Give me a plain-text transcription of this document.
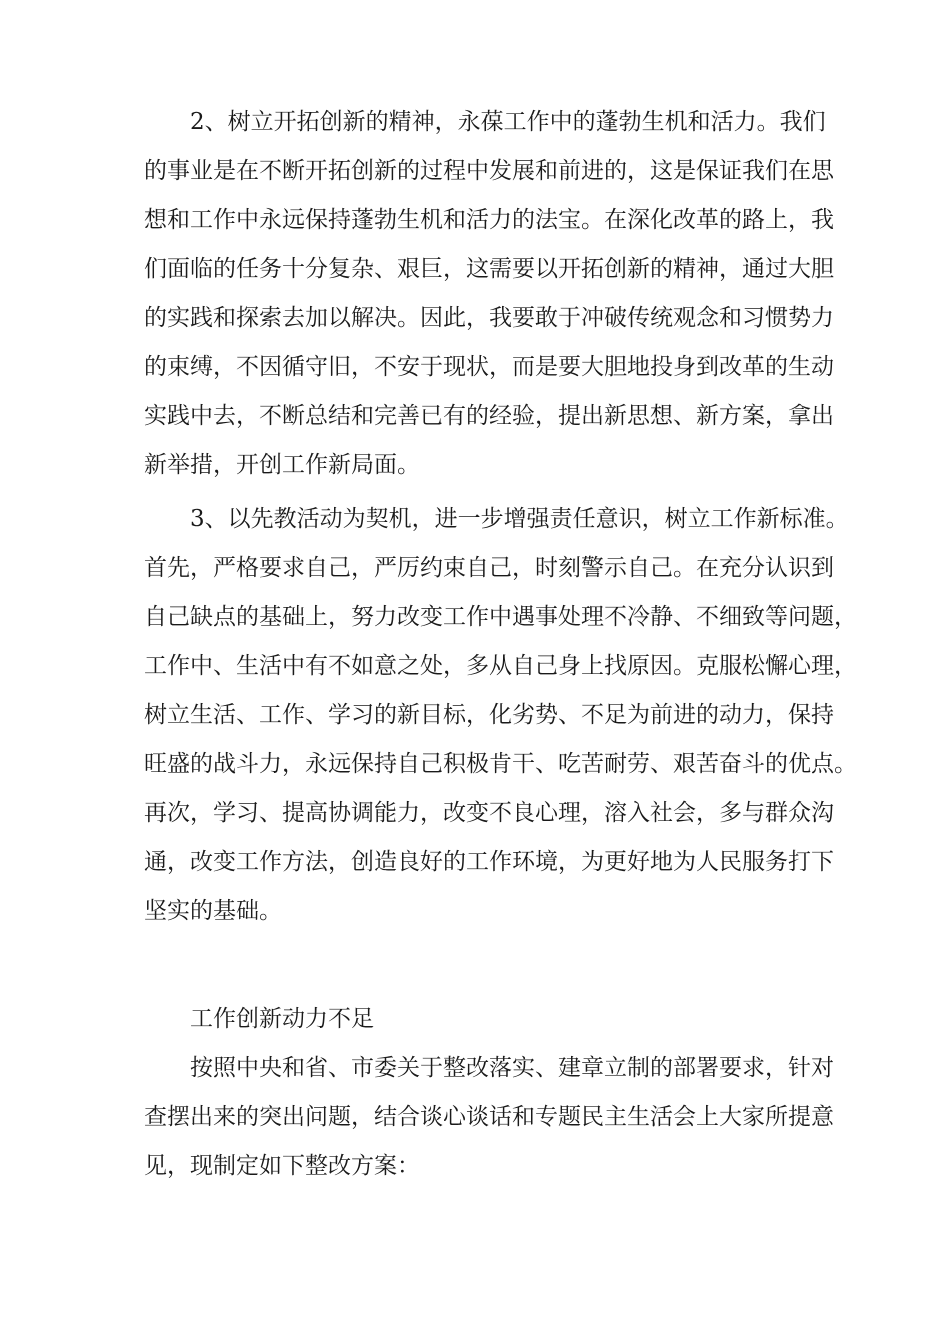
2、树立开拓创新的精神，永葆工作中的蓬勃生机和活力。我们
的事业是在不断开拓创新的过程中发展和前进的，这是保证我们在思
想和工作中永远保持蓬勃生机和活力的法宝。在深化改革的路上，我
们面临的任务十分复杂、艰巨，这需要以开拓创新的精神，通过大胆
的实践和探索去加以解决。因此，我要敢于冲破传统观念和习惯势力
的束缚，不因循守旧，不安于现状，而是要大胆地投身到改革的生动
实践中去，不断总结和完善已有的经验，提出新思想、新方案，拿出
新举措，开创工作新局面。
3、以先教活动为契机，进一步增强责任意识，树立工作新标准。
首先，严格要求自己，严厉约束自己，时刻警示自己。在充分认识到
自己缺点的基础上，努力改变工作中遇事处理不冷静、不细致等问题，
工作中、生活中有不如意之处，多从自己身上找原因。克服松懈心理，
树立生活、工作、学习的新目标，化劣势、不足为前进的动力，保持
旺盛的战斗力，永远保持自己积极肯干、吃苦耐劳、艰苦奋斗的优点。
再次，学习、提高协调能力，改变不良心理，溶入社会，多与群众沟
通，改变工作方法，创造良好的工作环境，为更好地为人民服务打下
坚实的基础。
工作创新动力不足
按照中央和省、市委关于整改落实、建章立制的部署要求，针对
查摆出来的突出问题，结合谈心谈话和专题民主生活会上大家所提意
见，现制定如下整改方案：
